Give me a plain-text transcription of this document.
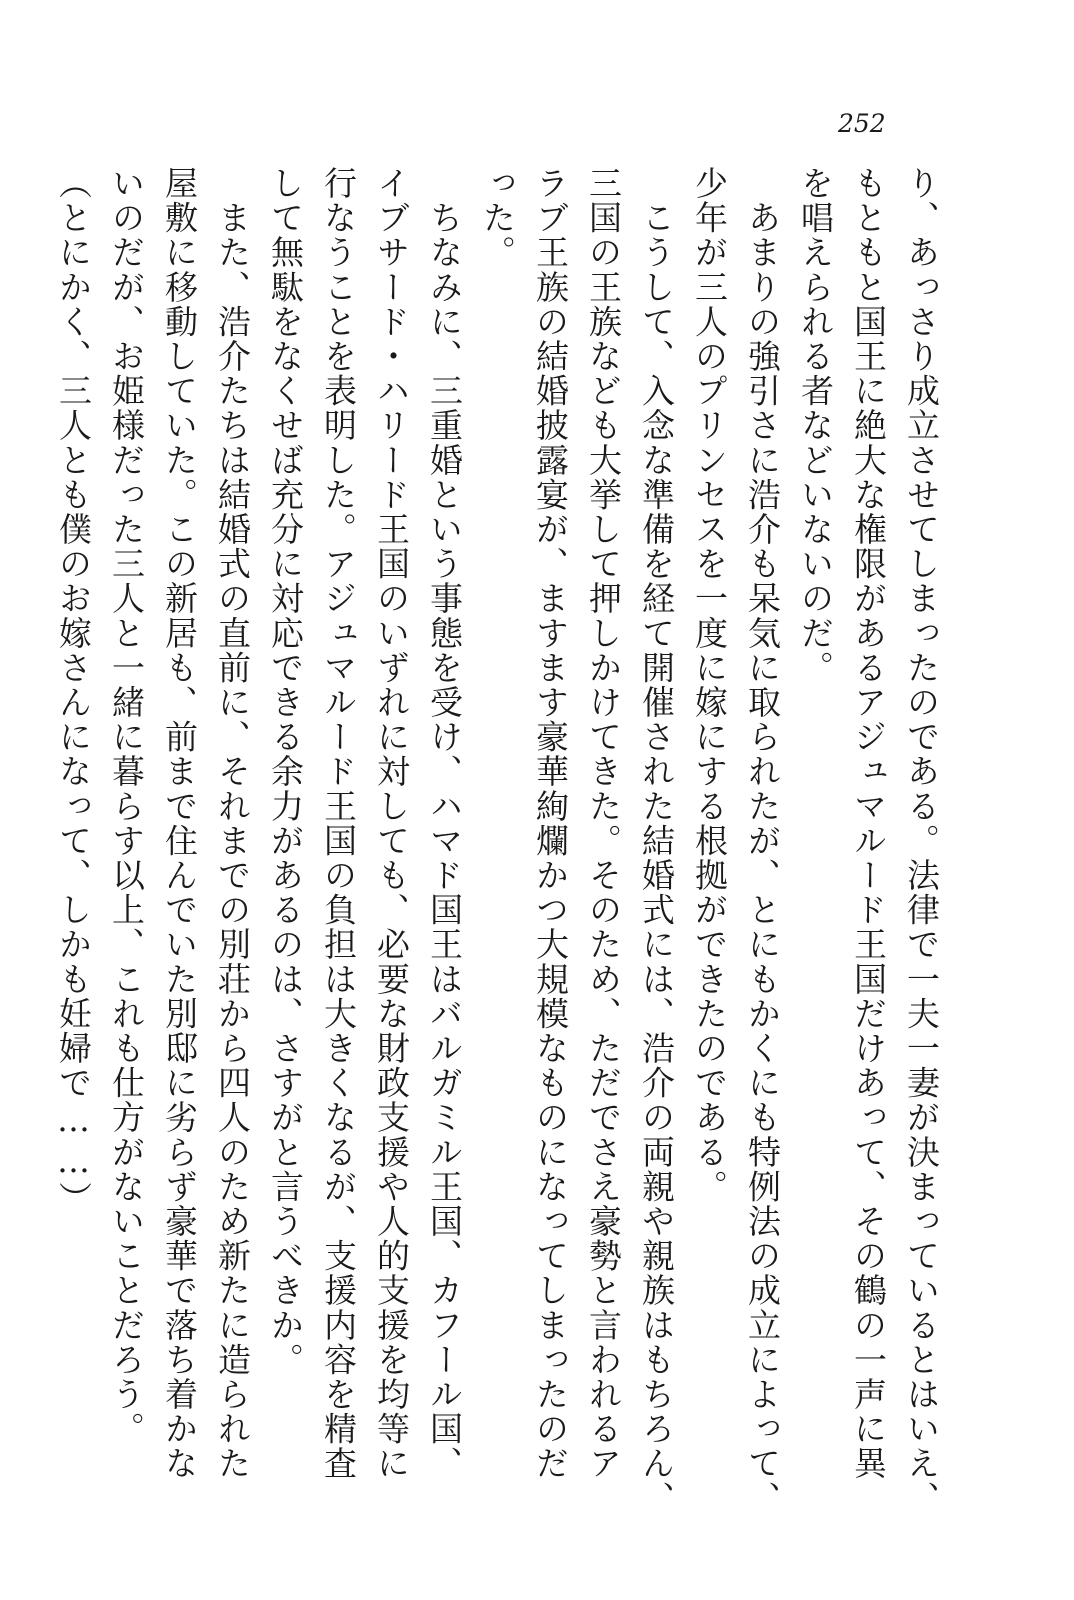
252
り、あっさり成立させてしまったのである。法律で一夫一妻が決まっているとはいえ、
もともと国王に絶大な権限があるアジュマルード王国だけあって、その鶴の一声に異
を唱えられる者などいないのだ。
　あまりの強引さに浩介も呆気に取られたが、とにもかくにも特例法の成立によって、
少年が三人のプリンセスを一度に嫁にする根拠ができたのである。
　こうして、入念な準備を経て開催された結婚式には、浩介の両親や親族はもちろん、
三国の王族なども大挙して押しかけてきた。そのため、ただでさえ豪勢と言われるア
ラブ王族の結婚披露宴が、ますます豪華絢爛かつ大規模なものになってしまったのだ
った。
　ちなみに、三重婚という事態を受け、ハマド国王はバルガミル王国、カフール国、
イブサード・ハリード王国のいずれに対しても、必要な財政支援や人的支援を均等に
行なうことを表明した。アジュマルード王国の負担は大きくなるが、支援内容を精査
して無駄をなくせば充分に対応できる余力があるのは、さすがと言うべきか。
　また、浩介たちは結婚式の直前に、それまでの別荘から四人のため新たに造られた
屋敷に移動していた。この新居も、前まで住んでいた別邸に劣らず豪華で落ち着かな
いのだが、お姫様だった三人と一緒に暮らす以上、これも仕方がないことだろう。
（とにかく、三人とも僕のお嫁さんになって、しかも妊婦で……）
